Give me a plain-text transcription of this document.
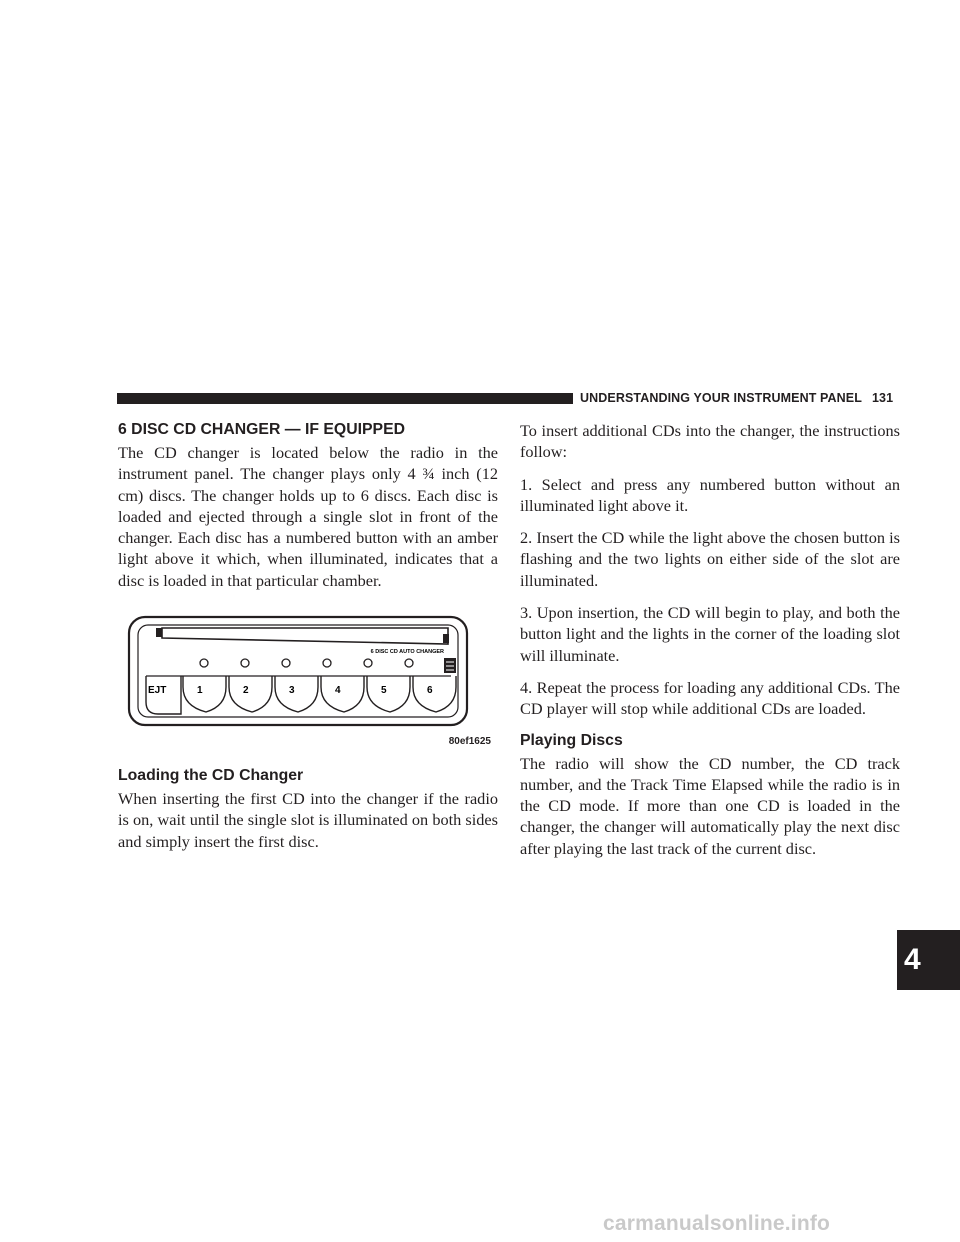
UNDERSTANDING YOUR INSTRUMENT PANEL 131
4
6 DISC CD CHANGER — IF EQUIPPED

The CD changer is located below the radio in the instrument panel. The changer plays only 4 ¾ inch (12 cm) discs. The changer holds up to 6 discs. Each disc is loaded and ejected through a single slot in front of the changer. Each disc has a numbered button with an amber light above it which, when illuminated, indicates that a disc is loaded in that particular chamber.

6 DISC CD AUTO CHANGER
EJT	1	2	3	4	5	6
80ef1625
Loading the CD Changer

When inserting the first CD into the changer if the radio is on, wait until the single slot is illuminated on both sides and simply insert the first disc.

To insert additional CDs into the changer, the instructions follow:

1. Select and press any numbered button without an illuminated light above it.

2. Insert the CD while the light above the chosen button is flashing and the two lights on either side of the slot are illuminated.

3. Upon insertion, the CD will begin to play, and both the button light and the lights in the corner of the loading slot will illuminate.

4. Repeat the process for loading any additional CDs. The CD player will stop while additional CDs are loaded.

Playing Discs

The radio will show the CD number, the CD track number, and the Track Time Elapsed while the radio is in the CD mode. If more than one CD is loaded in the changer, the changer will automatically play the next disc after playing the last track of the current disc.

carmanualsonline.info
